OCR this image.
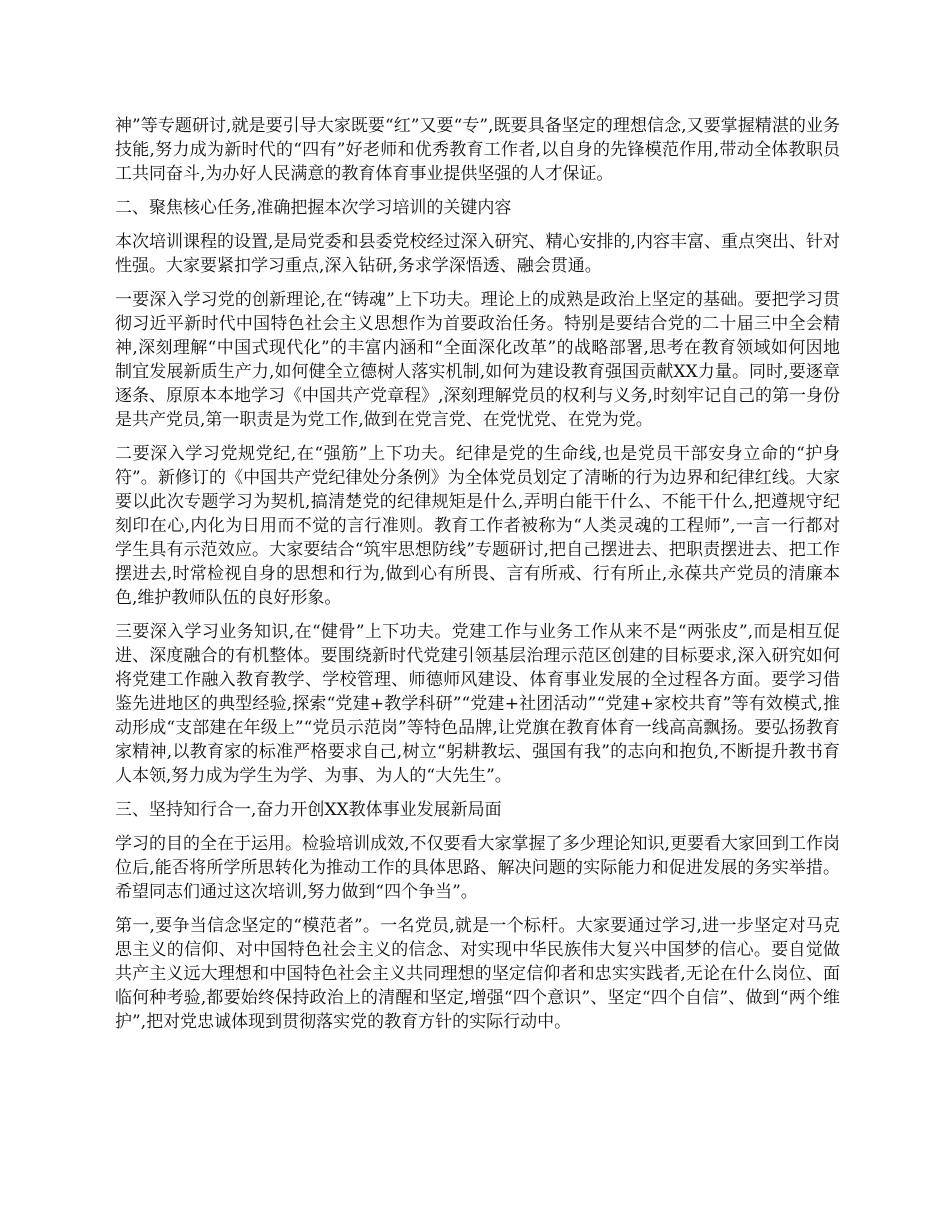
神”等专题研讨,就是要引导大家既要“红”又要“专”,既要具备坚定的理想信念,又要掌握精湛的业务技能,努力成为新时代的“四有”好老师和优秀教育工作者,以自身的先锋模范作用,带动全体教职员工共同奋斗,为办好人民满意的教育体育事业提供坚强的人才保证。

二、聚焦核心任务,准确把握本次学习培训的关键内容

本次培训课程的设置,是局党委和县委党校经过深入研究、精心安排的,内容丰富、重点突出、针对性强。大家要紧扣学习重点,深入钻研,务求学深悟透、融会贯通。

一要深入学习党的创新理论,在“铸魂”上下功夫。理论上的成熟是政治上坚定的基础。要把学习贯彻习近平新时代中国特色社会主义思想作为首要政治任务。特别是要结合党的二十届三中全会精神,深刻理解“中国式现代化”的丰富内涵和“全面深化改革”的战略部署,思考在教育领域如何因地制宜发展新质生产力,如何健全立德树人落实机制,如何为建设教育强国贡献XX力量。同时,要逐章逐条、原原本本地学习《中国共产党章程》,深刻理解党员的权利与义务,时刻牢记自己的第一身份是共产党员,第一职责是为党工作,做到在党言党、在党忧党、在党为党。

二要深入学习党规党纪,在“强筋”上下功夫。纪律是党的生命线,也是党员干部安身立命的“护身符”。新修订的《中国共产党纪律处分条例》为全体党员划定了清晰的行为边界和纪律红线。大家要以此次专题学习为契机,搞清楚党的纪律规矩是什么,弄明白能干什么、不能干什么,把遵规守纪刻印在心,内化为日用而不觉的言行准则。教育工作者被称为“人类灵魂的工程师”,一言一行都对学生具有示范效应。大家要结合“筑牢思想防线”专题研讨,把自己摆进去、把职责摆进去、把工作摆进去,时常检视自身的思想和行为,做到心有所畏、言有所戒、行有所止,永葆共产党员的清廉本色,维护教师队伍的良好形象。

三要深入学习业务知识,在“健骨”上下功夫。党建工作与业务工作从来不是“两张皮”,而是相互促进、深度融合的有机整体。要围绕新时代党建引领基层治理示范区创建的目标要求,深入研究如何将党建工作融入教育教学、学校管理、师德师风建设、体育事业发展的全过程各方面。要学习借鉴先进地区的典型经验,探索“党建+教学科研”“党建+社团活动”“党建+家校共育”等有效模式,推动形成“支部建在年级上”“党员示范岗”等特色品牌,让党旗在教育体育一线高高飘扬。要弘扬教育家精神,以教育家的标准严格要求自己,树立“躬耕教坛、强国有我”的志向和抱负,不断提升教书育人本领,努力成为学生为学、为事、为人的“大先生”。

三、坚持知行合一,奋力开创XX教体事业发展新局面

学习的目的全在于运用。检验培训成效,不仅要看大家掌握了多少理论知识,更要看大家回到工作岗位后,能否将所学所思转化为推动工作的具体思路、解决问题的实际能力和促进发展的务实举措。希望同志们通过这次培训,努力做到“四个争当”。

第一,要争当信念坚定的“模范者”。一名党员,就是一个标杆。大家要通过学习,进一步坚定对马克思主义的信仰、对中国特色社会主义的信念、对实现中华民族伟大复兴中国梦的信心。要自觉做共产主义远大理想和中国特色社会主义共同理想的坚定信仰者和忠实实践者,无论在什么岗位、面临何种考验,都要始终保持政治上的清醒和坚定,增强“四个意识”、坚定“四个自信”、做到“两个维护”,把对党忠诚体现到贯彻落实党的教育方针的实际行动中。
